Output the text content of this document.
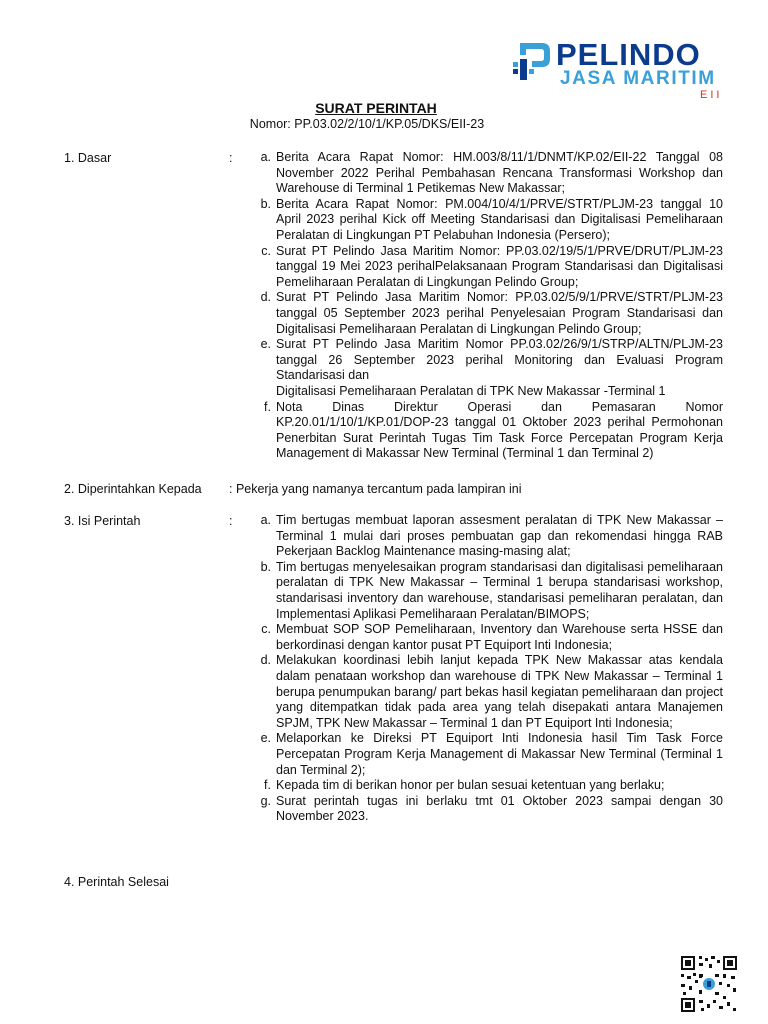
PELINDO
JASA MARITIM
EII
SURAT PERINTAH
Nomor: PP.03.02/2/10/1/KP.05/DKS/EII-23
1. Dasar	:	a. Berita Acara Rapat Nomor: HM.003/8/11/1/DNMT/KP.02/EII-22 Tanggal 08 November 2022 Perihal Pembahasan Rencana Transformasi Workshop dan Warehouse di Terminal 1 Petikemas New Makassar;
b. Berita Acara Rapat Nomor: PM.004/10/4/1/PRVE/STRT/PLJM-23 tanggal 10 April 2023 perihal Kick off Meeting Standarisasi dan Digitalisasi Pemeliharaan Peralatan di Lingkungan PT Pelabuhan Indonesia (Persero);
c. Surat PT Pelindo Jasa Maritim Nomor: PP.03.02/19/5/1/PRVE/DRUT/PLJM-23 tanggal 19 Mei 2023 perihalPelaksanaan Program Standarisasi dan Digitalisasi Pemeliharaan Peralatan di Lingkungan Pelindo Group;
d. Surat PT Pelindo Jasa Maritim Nomor: PP.03.02/5/9/1/PRVE/STRT/PLJM-23 tanggal 05 September 2023 perihal Penyelesaian Program Standarisasi dan Digitalisasi Pemeliharaan Peralatan di Lingkungan Pelindo Group;
e. Surat PT Pelindo Jasa Maritim Nomor PP.03.02/26/9/1/STRP/ALTN/PLJM-23 tanggal 26 September 2023 perihal Monitoring dan Evaluasi Program Standarisasi dan
Digitalisasi Pemeliharaan Peralatan di TPK New Makassar -Terminal 1
f. Nota Dinas Direktur Operasi dan Pemasaran Nomor KP.20.01/1/10/1/KP.01/DOP-23 tanggal 01 Oktober 2023 perihal Permohonan Penerbitan Surat Perintah Tugas Tim Task Force Percepatan Program Kerja Management di Makassar New Terminal (Terminal 1 dan Terminal 2)
2. Diperintahkan Kepada : Pekerja yang namanya tercantum pada lampiran ini
3. Isi Perintah	:	a. Tim bertugas membuat laporan assesment peralatan di TPK New Makassar – Terminal 1 mulai dari proses pembuatan gap dan rekomendasi hingga RAB Pekerjaan Backlog Maintenance masing-masing alat;
b. Tim bertugas menyelesaikan program standarisasi dan digitalisasi pemeliharaan peralatan di TPK New Makassar – Terminal 1 berupa standarisasi workshop, standarisasi inventory dan warehouse, standarisasi pemeliharan peralatan, dan Implementasi Aplikasi Pemeliharaan Peralatan/BIMOPS;
c. Membuat SOP SOP Pemeliharaan, Inventory dan Warehouse serta HSSE dan berkordinasi dengan kantor pusat PT Equiport Inti Indonesia;
d. Melakukan koordinasi lebih lanjut kepada TPK New Makassar atas kendala dalam penataan workshop dan warehouse di TPK New Makassar – Terminal 1 berupa penumpukan barang/ part bekas hasil kegiatan pemeliharaan dan project yang ditempatkan tidak pada area yang telah disepakati antara Manajemen SPJM, TPK New Makassar – Terminal 1 dan PT Equiport Inti Indonesia;
e. Melaporkan ke Direksi PT Equiport Inti Indonesia hasil Tim Task Force Percepatan Program Kerja Management di Makassar New Terminal (Terminal 1 dan Terminal 2);
f. Kepada tim di berikan honor per bulan sesuai ketentuan yang berlaku;
g. Surat perintah tugas ini berlaku tmt 01 Oktober 2023 sampai dengan 30 November 2023.
4. Perintah Selesai
